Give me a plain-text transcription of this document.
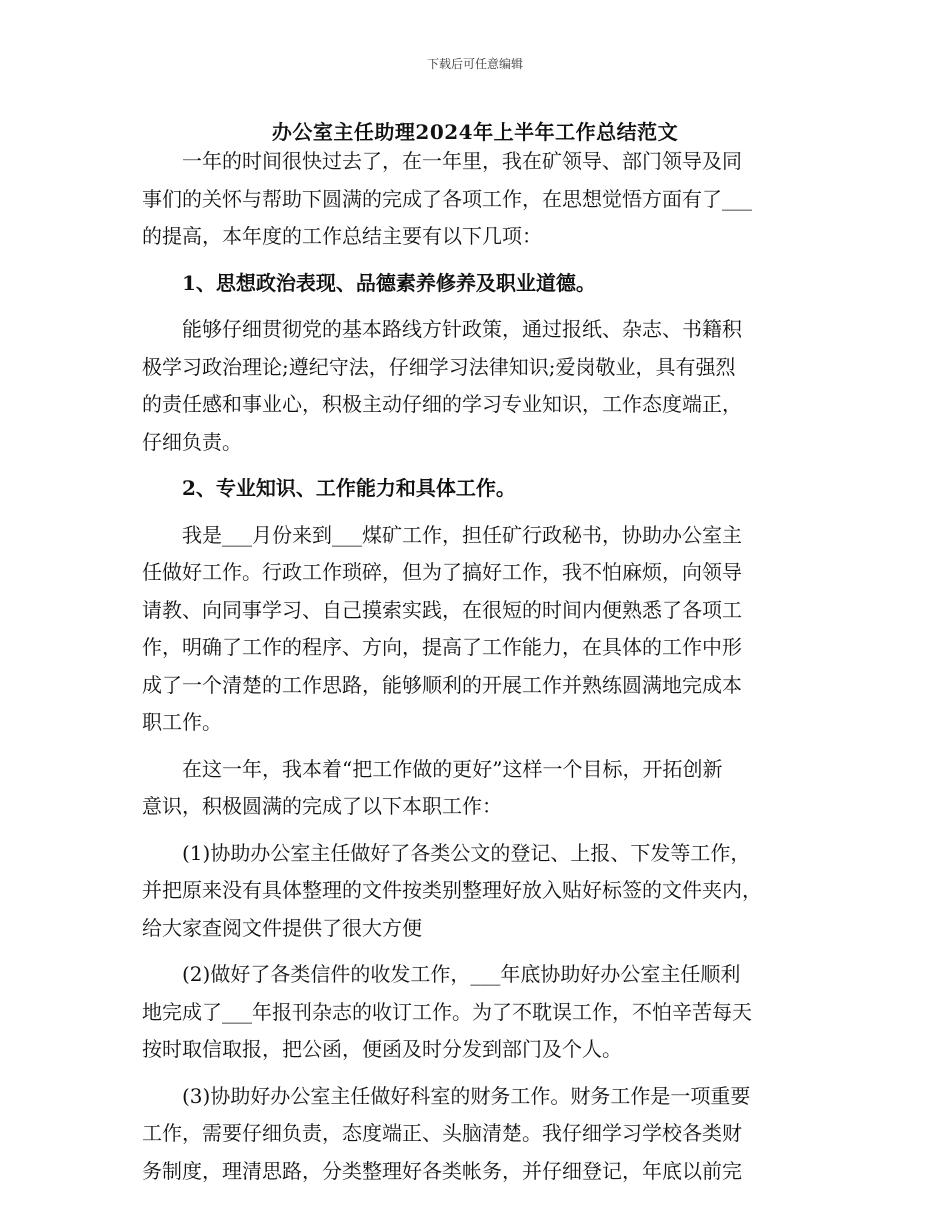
下载后可任意编辑
办公室主任助理2024年上半年工作总结范文
一年的时间很快过去了，在一年里，我在矿领导、部门领导及同
事们的关怀与帮助下圆满的完成了各项工作，在思想觉悟方面有了___
的提高，本年度的工作总结主要有以下几项：
1、思想政治表现、品德素养修养及职业道德。
能够仔细贯彻党的基本路线方针政策，通过报纸、杂志、书籍积
极学习政治理论;遵纪守法，仔细学习法律知识;爱岗敬业，具有强烈
的责任感和事业心，积极主动仔细的学习专业知识，工作态度端正，
仔细负责。
2、专业知识、工作能力和具体工作。
我是___月份来到___煤矿工作，担任矿行政秘书，协助办公室主
任做好工作。行政工作琐碎，但为了搞好工作，我不怕麻烦，向领导
请教、向同事学习、自己摸索实践，在很短的时间内便熟悉了各项工
作，明确了工作的程序、方向，提高了工作能力，在具体的工作中形
成了一个清楚的工作思路，能够顺利的开展工作并熟练圆满地完成本
职工作。
在这一年，我本着“把工作做的更好”这样一个目标，开拓创新
意识，积极圆满的完成了以下本职工作：
(1)协助办公室主任做好了各类公文的登记、上报、下发等工作，
并把原来没有具体整理的文件按类别整理好放入贴好标签的文件夹内，
给大家查阅文件提供了很大方便
(2)做好了各类信件的收发工作，___年底协助好办公室主任顺利
地完成了___年报刊杂志的收订工作。为了不耽误工作，不怕辛苦每天
按时取信取报，把公函，便函及时分发到部门及个人。
(3)协助好办公室主任做好科室的财务工作。财务工作是一项重要
工作，需要仔细负责，态度端正、头脑清楚。我仔细学习学校各类财
务制度，理清思路，分类整理好各类帐务，并仔细登记，年底以前完
